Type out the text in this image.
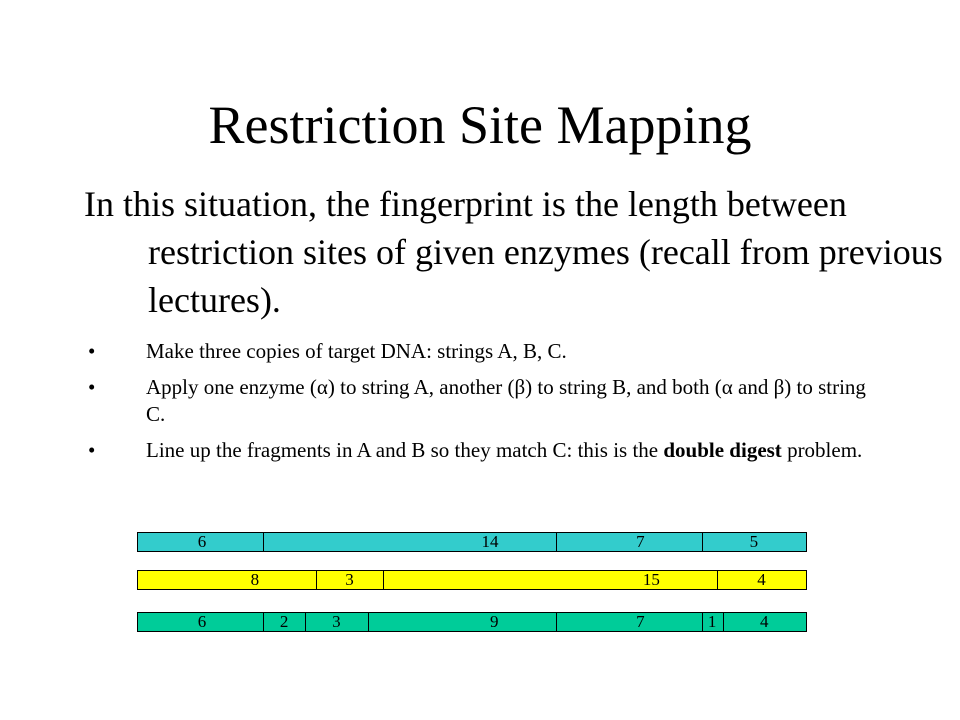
Restriction Site Mapping
In this situation, the fingerprint is the length between restriction sites of given enzymes (recall from previous lectures).
• Make three copies of target DNA: strings A, B, C.
• Apply one enzyme (α) to string A, another (β) to string B, and both (α and β) to string C.
• Line up the fragments in A and B so they match C: this is the double digest problem.
6	14	7	5
8	3	15	4
6	2	3	9	7	1	4
